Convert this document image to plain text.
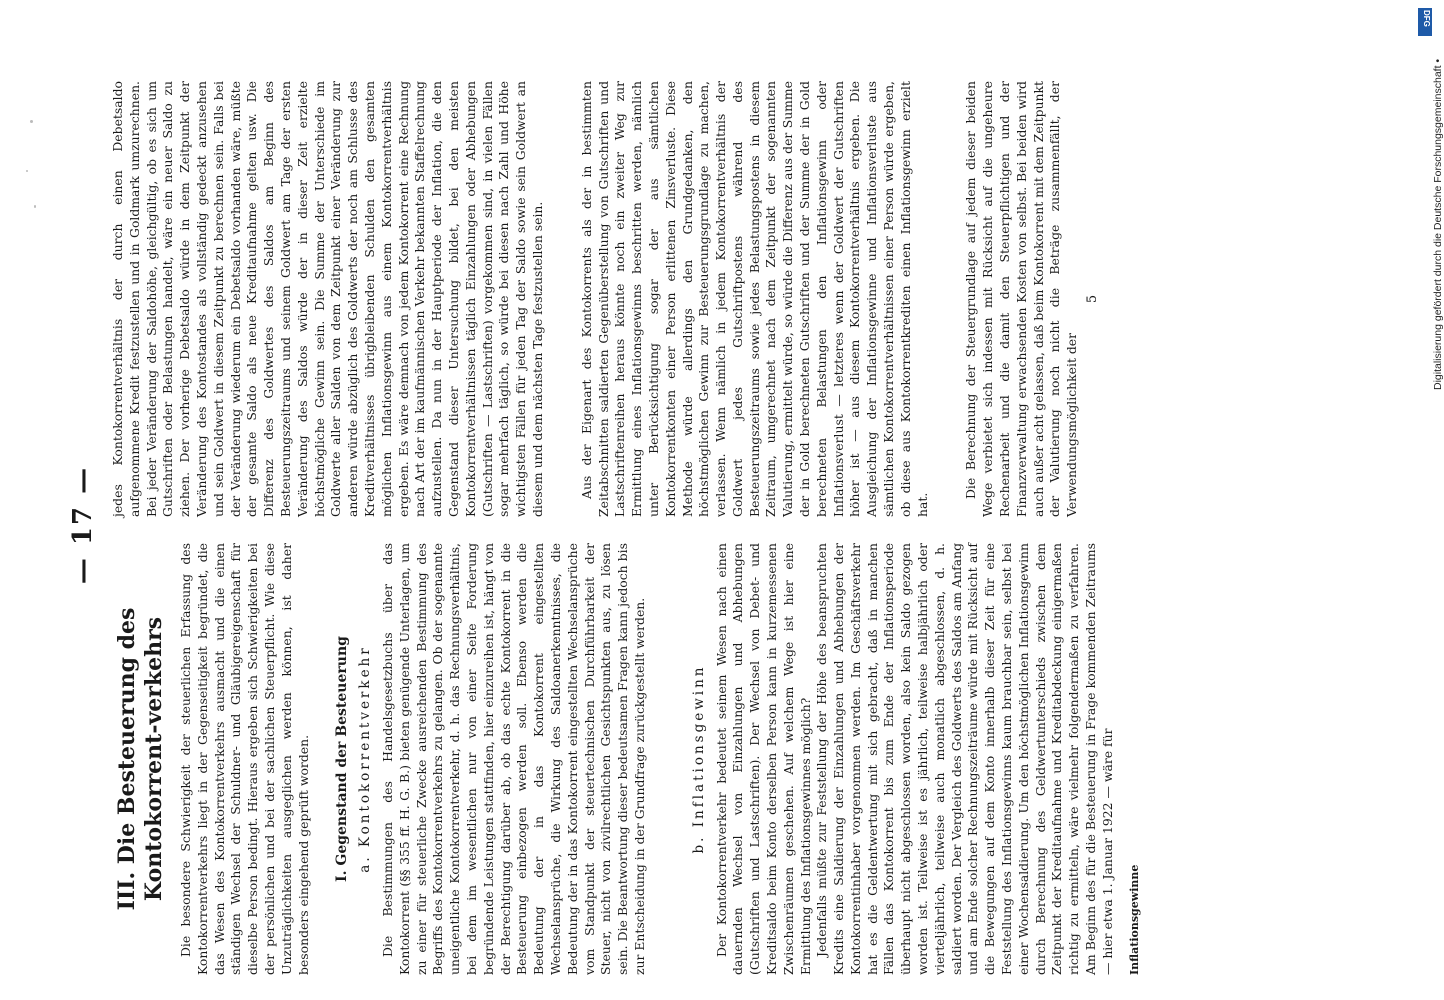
— 17 —
III. Die Besteuerung des Kontokorrent-verkehrs Die besondere Schwierigkeit der steuerlichen Erfassung des Kontokorrentverkehrs liegt in der Gegenseitigkeit begründet, die das Wesen des Kontokorrentverkehrs ausmacht und die einen ständigen Wechsel der Schuldner- und Gläubigereigenschaft für dieselbe Person bedingt. Hieraus ergeben sich Schwierigkeiten bei der persönlichen und bei der sachlichen Steuerpflicht. Wie diese Unzuträglichkeiten ausgeglichen werden können, ist daher besonders eingehend geprüft worden. I. Gegenstand der Besteuerung a. Kontokorrentverkehr Die Bestimmungen des Handelsgesetzbuchs über das Kontokorrent (§§ 355 ff. H. G. B.) bieten genügende Unterlagen, um zu einer für steuerliche Zwecke ausreichenden Bestimmung des Begriffs des Kontokorrentverkehrs zu gelangen. Ob der sogenannte uneigentliche Kontokorrentverkehr, d. h. das Rechnungsverhältnis, bei dem im wesentlichen nur von einer Seite Forderung begründende Leistungen stattfinden, hier einzureihen ist, hängt von der Berechtigung darüber ab, ob das echte Kontokorrent in die Besteuerung einbezogen werden soll. Ebenso werden die Bedeutung der in das Kontokorrent eingestellten Wechselansprüche, die Wirkung des Saldoanerkenntnisses, die Bedeutung der in das Kontokorrent eingestellten Wechselansprüche vom Standpunkt der steuertechnischen Durchführbarkeit der Steuer, nicht von zivilrechtlichen Gesichtspunkten aus, zu lösen sein. Die Beantwortung dieser bedeutsamen Fragen kann jedoch bis zur Entscheidung in der Grundfrage zurückgestellt werden.	b. Inflationsgewinn Der Kontokorrentverkehr bedeutet seinem Wesen nach einen dauernden Wechsel von Einzahlungen und Abhebungen (Gutschriften und Lastschriften). Der Wechsel von Debet- und Kreditsaldo beim Konto derselben Person kann in kurzemessenen Zwischenräumen geschehen. Auf welchem Wege ist hier eine Ermittlung des Inflationsgewinnes möglich? Jedenfalls müßte zur Feststellung der Höhe des beanspruchten Kredits eine Saldierung der Einzahlungen und Abhebungen der Kontokorrentinhaber vorgenommen werden. Im Geschäftsverkehr hat es die Geldentwertung mit sich gebracht, daß in manchen Fällen das Kontokorrent bis zum Ende der Inflationsperiode überhaupt nicht abgeschlossen worden, also kein Saldo gezogen worden ist. Teilweise ist es jährlich, teilweise halbjährlich oder vierteljährlich, teilweise auch monatlich abgeschlossen, d. h. saldiert worden. Der Vergleich des Goldwerts des Saldos am Anfang und am Ende solcher Rechnungszeiträume würde mit Rücksicht auf die Bewegungen auf dem Konto innerhalb dieser Zeit für eine Feststellung des Inflationsgewinns kaum brauchbar sein, selbst bei einer Wochensaldierung. Um den höchstmöglichen Inflationsgewinn durch Berechnung des Geldwertunterschieds zwischen dem Zeitpunkt der Kreditaufnahme und Kreditabdeckung einigermaßen richtig zu ermitteln, wäre vielmehr folgendermaßen zu verfahren. Am Beginn des für die Besteuerung in Frage kommenden Zeitraums — hier etwa 1. Januar 1922 — wäre für Inflationsgewinne

jedes Kontokorrentverhältnis der durch einen Debetsaldo aufgenommene Kredit festzustellen und in Goldmark umzurechnen. Bei jeder Veränderung der Saldohöhe, gleichgültig, ob es sich um Gutschriften oder Belastungen handelt, wäre ein neuer Saldo zu ziehen. Der vorherige Debetsaldo würde in dem Zeitpunkt der Veränderung des Kontostandes als vollständig gedeckt anzusehen und sein Goldwert in diesem Zeitpunkt zu berechnen sein. Falls bei der Veränderung wiederum ein Debetsaldo vorhanden wäre, müßte der gesamte Saldo als neue Kreditaufnahme gelten usw. Die Differenz des Goldwertes des Saldos am Beginn des Besteuerungszeitraums und seinem Goldwert am Tage der ersten Veränderung des Saldos würde der in dieser Zeit erzielte höchstmögliche Gewinn sein. Die Summe der Unterschiede im Goldwerte aller Salden von dem Zeitpunkt einer Veränderung zur anderen würde abzüglich des Goldwerts der noch am Schlusse des Kreditverhältnisses übrigbleibenden Schulden den gesamten möglichen Inflationsgewinn aus einem Kontokorrentverhältnis ergeben. Es wäre demnach von jedem Kontokorrent eine Rechnung nach Art der im kaufmännischen Verkehr bekannten Staffelrechnung aufzustellen. Da nun in der Hauptperiode der Inflation, die den Gegenstand dieser Untersuchung bildet, bei den meisten Kontokorrentverhältnissen täglich Einzahlungen oder Abhebungen (Gutschriften — Lastschriften) vorgekommen sind, in vielen Fällen sogar mehrfach täglich, so würde bei diesen nach Zahl und Höhe wichtigsten Fällen für jeden Tag der Saldo sowie sein Goldwert an diesem und dem nächsten Tage festzustellen sein.	Aus der Eigenart des Kontokorrents als der in bestimmten Zeitabschnitten saldierten Gegenüberstellung von Gutschriften und Lastschriftenreihen heraus könnte noch ein zweiter Weg zur Ermittlung eines Inflationsgewinns beschritten werden, nämlich unter Berücksichtigung sogar der aus sämtlichen Kontokorrentkonten einer Person erlittenen Zinsverluste. Diese Methode würde allerdings den Grundgedanken, den höchstmöglichen Gewinn zur Besteuerungsgrundlage zu machen, verlassen. Wenn nämlich in jedem Kontokorrentverhältnis der Goldwert jedes Gutschriftpostens während des Besteuerungszeitraums sowie jedes Belastungspostens in diesem Zeitraum, umgerechnet nach dem Zeitpunkt der sogenannten Valutierung, ermittelt würde, so würde die Differenz aus der Summe der in Gold berechneten Gutschriften und der Summe der in Gold berechneten Belastungen den Inflationsgewinn oder Inflationsverlust — letzteres wenn der Goldwert der Gutschriften höher ist — aus diesem Kontokorrentverhältnis ergeben. Die Ausgleichung der Inflationsgewinne und Inflationsverluste aus sämtlichen Kontokorrentverhältnissen einer Person würde ergeben, ob diese aus Kontokorrentkrediten einen Inflationsgewinn erzielt hat.

Die Berechnung der Steuergrundlage auf jedem dieser beiden Wege verbietet sich indessen mit Rücksicht auf die ungeheure Rechenarbeit und die damit den Steuerpflichtigen und der Finanzverwaltung erwachsenden Kosten von selbst. Bei beiden wird auch außer acht gelassen, daß beim Kontokorrent mit dem Zeitpunkt der Valutierung noch nicht die Beträge zusammenfällt, der Verwendungsmöglichkeit der

5	Digitalisierung gefördert durch die Deutsche Forschungsgemeinschaft •
DFG
